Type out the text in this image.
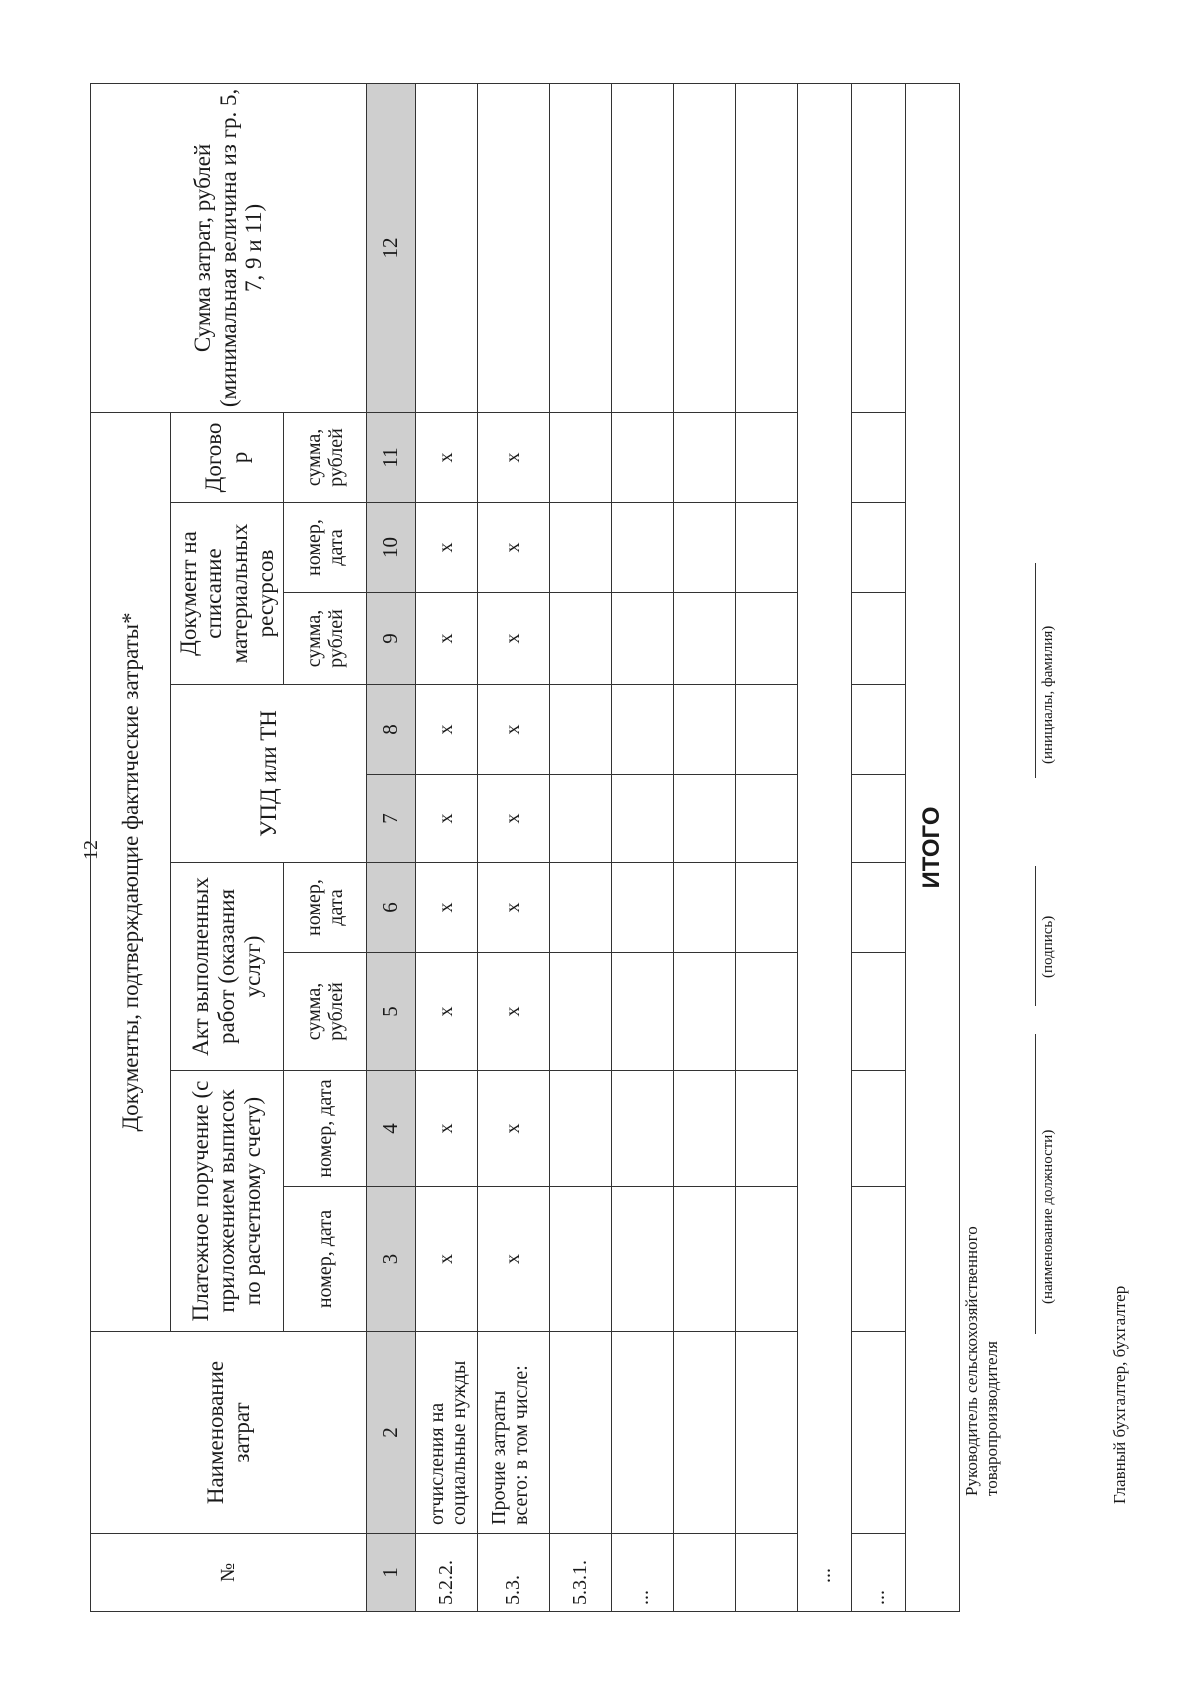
12
№	Наименование затрат	Документы, подтверждающие фактические затраты*									Сумма затрат, рублей (минимальная величина из гр. 5, 7, 9 и 11)
		Платежное поручение (с приложением выписок по расчетному счету)		Акт выполненных работ (оказания услуг)		УПД или ТН		Документ на списание материальных ресурсов		Договор	

		номер, дата	номер, дата	сумма, рублей	номер, дата			сумма, рублей	номер, дата	сумма, рублей	
1	2	3	4	5	6	7	8	9	10	11	12
5.2.2.	отчисления на социальные нужды	х	х	х	х	х	х	х	х	х	
5.3.	Прочие затраты всего: в том числе:	х	х	х	х	х	х	х	х	х	
5.3.1.											
...											

...											
...											
ИТОГО											
Руководитель сельскохозяйственного товаропроизводителя
(наименование должности)
(подпись)
(инициалы, фамилия)
Главный бухгалтер, бухгалтер
